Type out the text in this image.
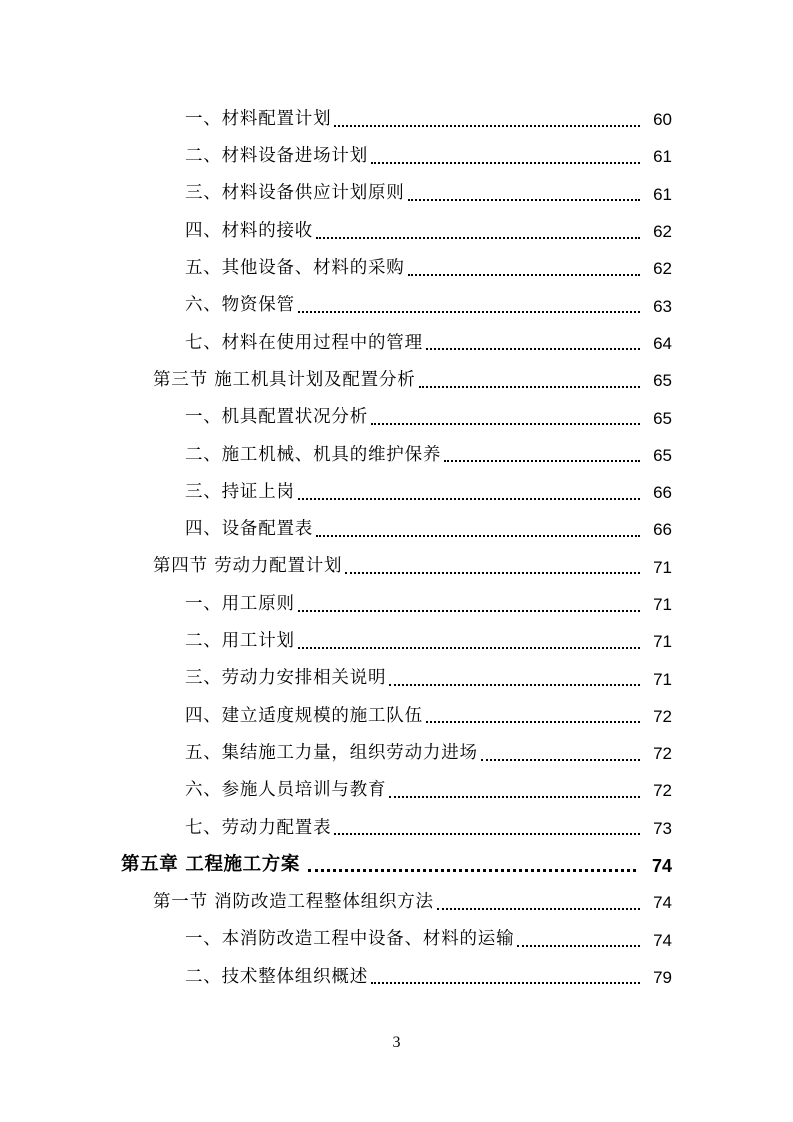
一、材料配置计划	60
二、材料设备进场计划	61
三、材料设备供应计划原则	61
四、材料的接收	62
五、其他设备、材料的采购	62
六、物资保管	63
七、材料在使用过程中的管理	64
第三节 施工机具计划及配置分析	65
一、机具配置状况分析	65
二、施工机械、机具的维护保养	65
三、持证上岗	66
四、设备配置表	66
第四节 劳动力配置计划	71
一、用工原则	71
二、用工计划	71
三、劳动力安排相关说明	71
四、建立适度规模的施工队伍	72
五、集结施工力量，组织劳动力进场	72
六、参施人员培训与教育	72
七、劳动力配置表	73
第五章 工程施工方案	74
第一节 消防改造工程整体组织方法	74
一、本消防改造工程中设备、材料的运输	74
二、技术整体组织概述	79
3
